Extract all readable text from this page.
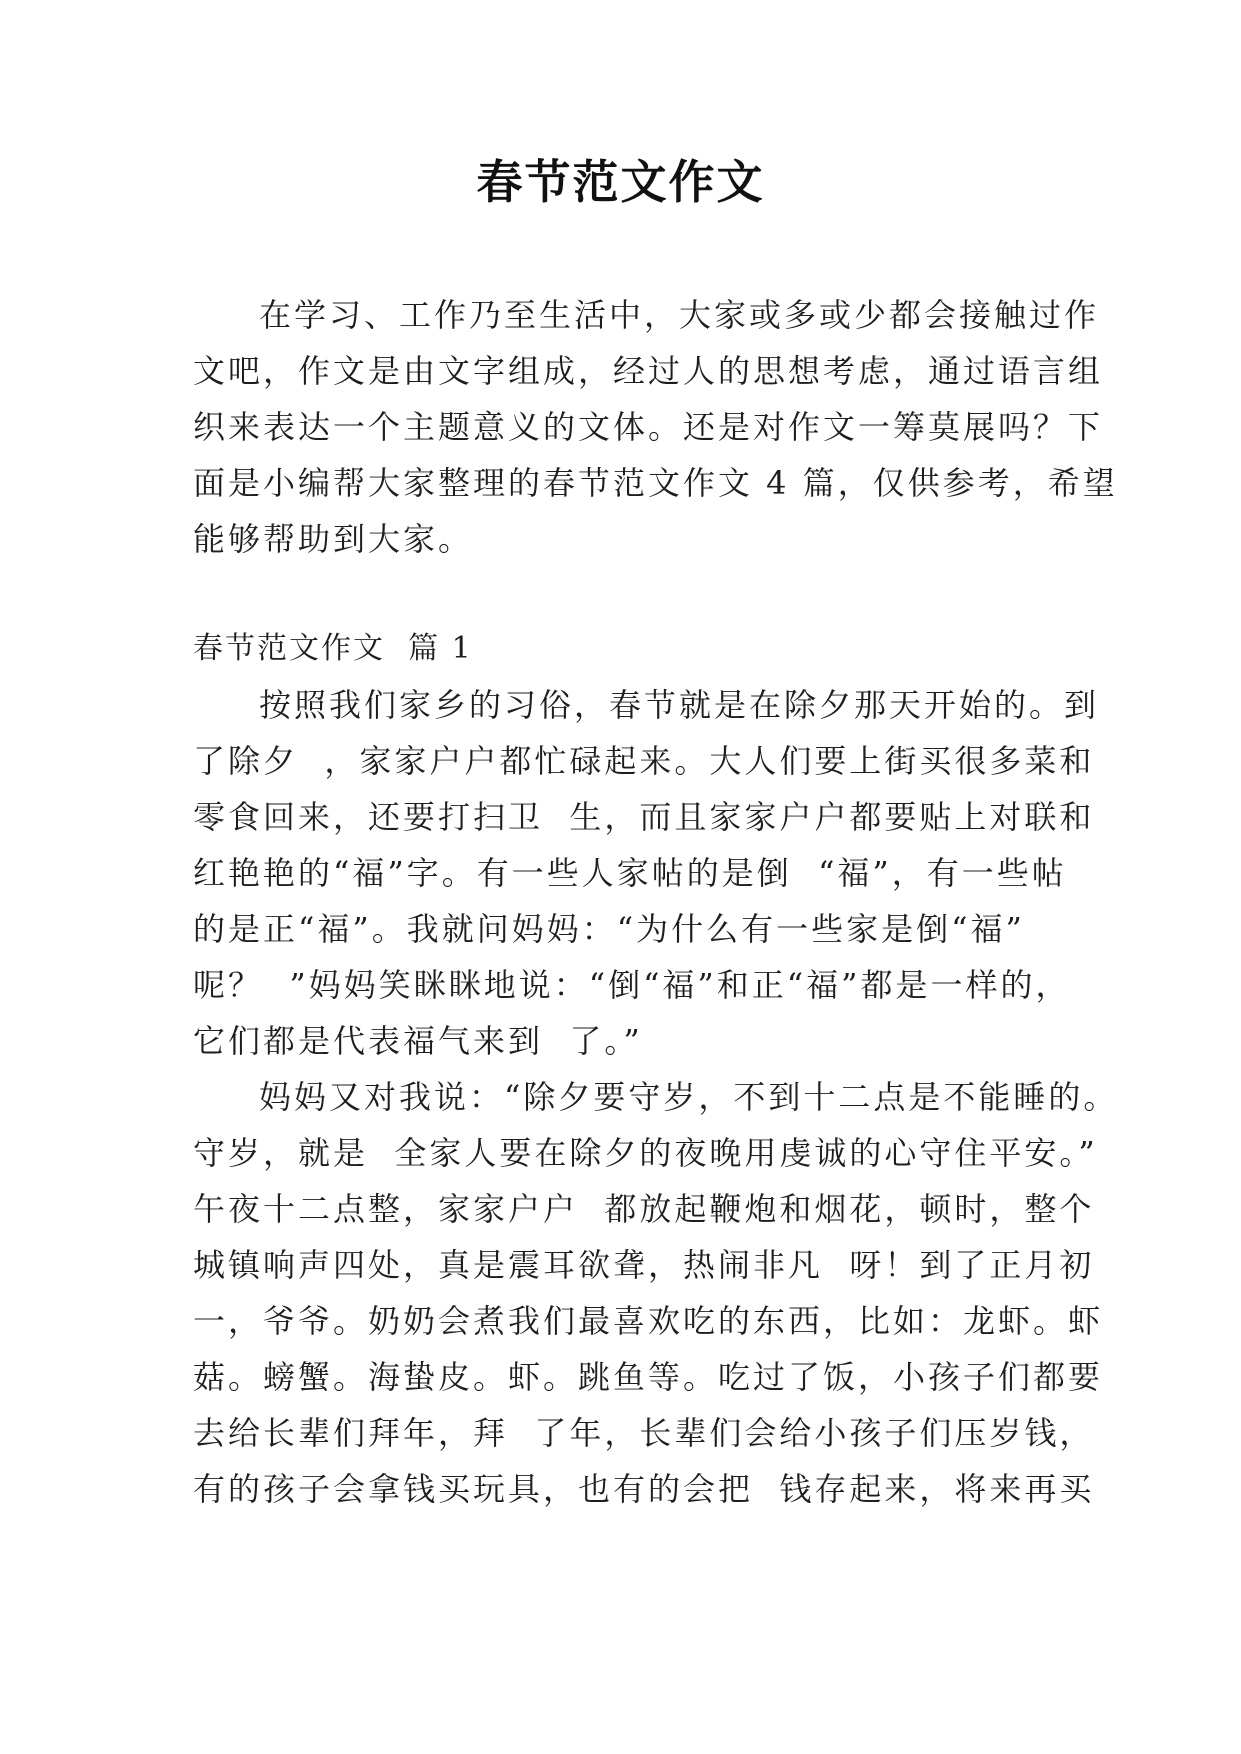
春节范文作文
在学习、工作乃至生活中，大家或多或少都会接触过作
文吧，作文是由文字组成，经过人的思想考虑，通过语言组
织来表达一个主题意义的文体。还是对作文一筹莫展吗？下
面是小编帮大家整理的春节范文作文 4 篇，仅供参考，希望
能够帮助到大家。
春节范文作文  篇 1
按照我们家乡的习俗，春节就是在除夕那天开始的。到
了除夕  ，家家户户都忙碌起来。大人们要上街买很多菜和
零食回来，还要打扫卫  生，而且家家户户都要贴上对联和
红艳艳的“福”字。有一些人家帖的是倒  “福”，有一些帖
的是正“福”。我就问妈妈：“为什么有一些家是倒“福”
呢？  ”妈妈笑眯眯地说：“倒“福”和正“福”都是一样的，
它们都是代表福气来到  了。”
妈妈又对我说：“除夕要守岁，不到十二点是不能睡的。
守岁，就是  全家人要在除夕的夜晚用虔诚的心守住平安。”
午夜十二点整，家家户户  都放起鞭炮和烟花，顿时，整个
城镇响声四处，真是震耳欲聋，热闹非凡  呀！到了正月初
一，爷爷。奶奶会煮我们最喜欢吃的东西，比如：龙虾。虾
菇。螃蟹。海蛰皮。虾。跳鱼等。吃过了饭，小孩子们都要
去给长辈们拜年，拜  了年，长辈们会给小孩子们压岁钱，
有的孩子会拿钱买玩具，也有的会把  钱存起来，将来再买
